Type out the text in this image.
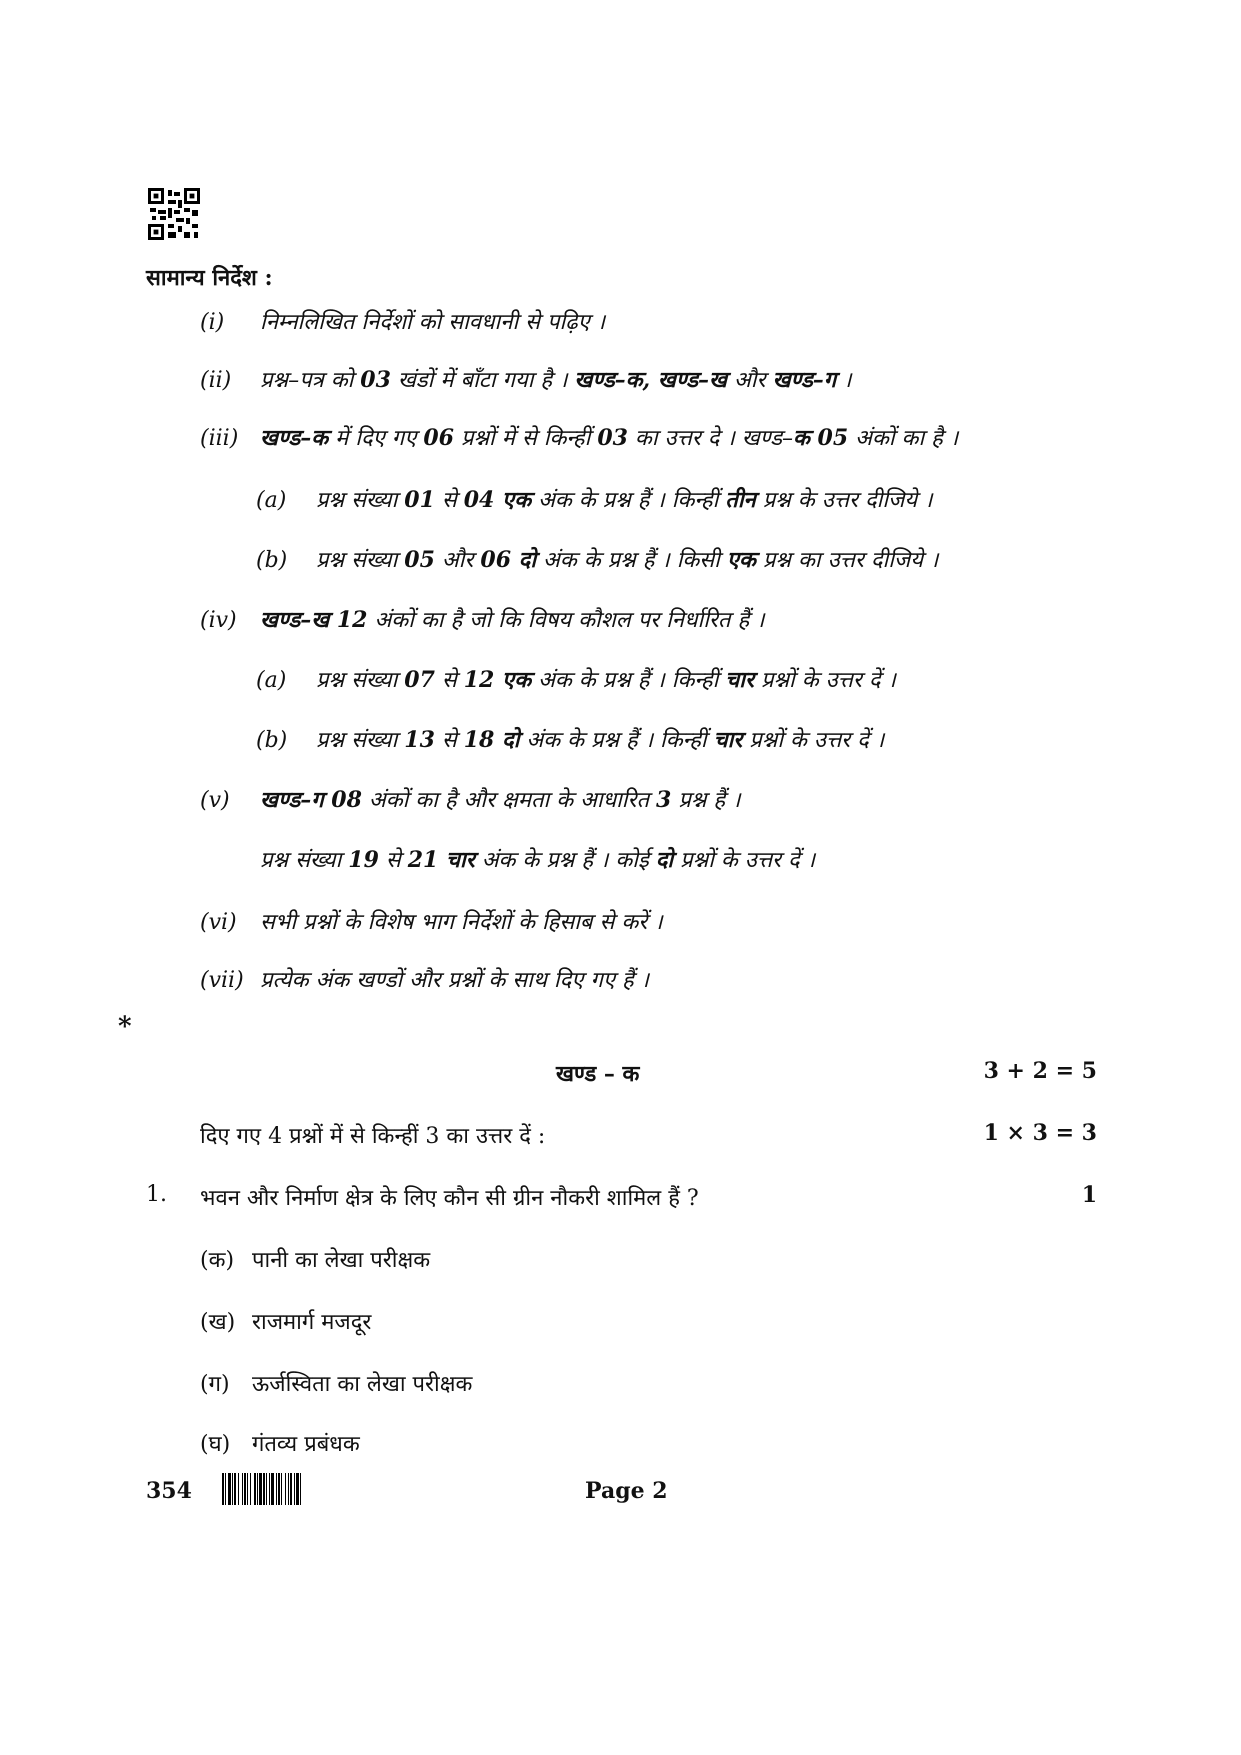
सामान्य निर्देश :
(i) निम्नलिखित निर्देशों को सावधानी से पढ़िए ।
(ii) प्रश्न–पत्र को 03 खंडों में बाँटा गया है । खण्ड–क, खण्ड–ख और खण्ड–ग ।
(iii) खण्ड–क में दिए गए 06 प्रश्नों में से किन्हीं 03 का उत्तर दे । खण्ड–क 05 अंकों का है ।
(a) प्रश्न संख्या 01 से 04 एक अंक के प्रश्न हैं । किन्हीं तीन प्रश्न के उत्तर दीजिये ।
(b) प्रश्न संख्या 05 और 06 दो अंक के प्रश्न हैं । किसी एक प्रश्न का उत्तर दीजिये ।
(iv) खण्ड–ख 12 अंकों का है जो कि विषय कौशल पर निर्धारित हैं ।
(a) प्रश्न संख्या 07 से 12 एक अंक के प्रश्न हैं । किन्हीं चार प्रश्नों के उत्तर दें ।
(b) प्रश्न संख्या 13 से 18 दो अंक के प्रश्न हैं । किन्हीं चार प्रश्नों के उत्तर दें ।
(v) खण्ड–ग 08 अंकों का है और क्षमता के आधारित 3 प्रश्न हैं ।
प्रश्न संख्या 19 से 21 चार अंक के प्रश्न हैं । कोई दो प्रश्नों के उत्तर दें ।
(vi) सभी प्रश्नों के विशेष भाग निर्देशों के हिसाब से करें ।
(vii) प्रत्येक अंक खण्डों और प्रश्नों के साथ दिए गए हैं ।
*
खण्ड – क	3 + 2 = 5
दिए गए 4 प्रश्नों में से किन्हीं 3 का उत्तर दें :	1 × 3 = 3
1. भवन और निर्माण क्षेत्र के लिए कौन सी ग्रीन नौकरी शामिल हैं ?	1
(क) पानी का लेखा परीक्षक
(ख) राजमार्ग मजदूर
(ग) ऊर्जस्विता का लेखा परीक्षक
(घ) गंतव्य प्रबंधक
354	Page 2
